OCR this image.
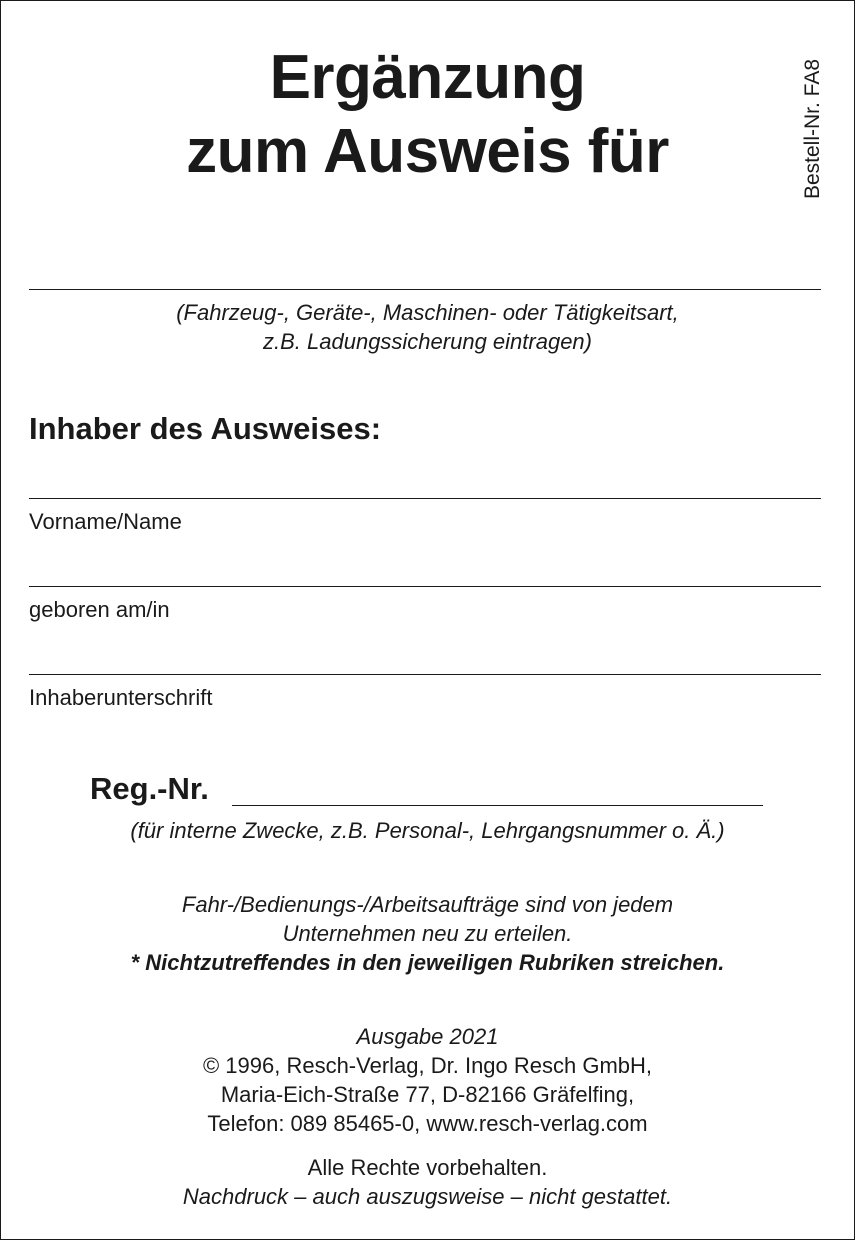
Ergänzung
zum Ausweis für	Bestell-Nr. FA8
(Fahrzeug-, Geräte-, Maschinen- oder Tätigkeitsart,
z.B. Ladungssicherung eintragen)
Inhaber des Ausweises:
Vorname/Name
geboren am/in
Inhaberunterschrift
Reg.-Nr.
(für interne Zwecke, z.B. Personal-, Lehrgangsnummer o. Ä.)
Fahr-/Bedienungs-/Arbeitsaufträge sind von jedem
Unternehmen neu zu erteilen.
* Nichtzutreffendes in den jeweiligen Rubriken streichen.
Ausgabe 2021
© 1996, Resch-Verlag, Dr. Ingo Resch GmbH,
Maria-Eich-Straße 77, D-82166 Gräfelfing,
Telefon: 089 85465-0, www.resch-verlag.com
Alle Rechte vorbehalten.
Nachdruck – auch auszugsweise – nicht gestattet.
